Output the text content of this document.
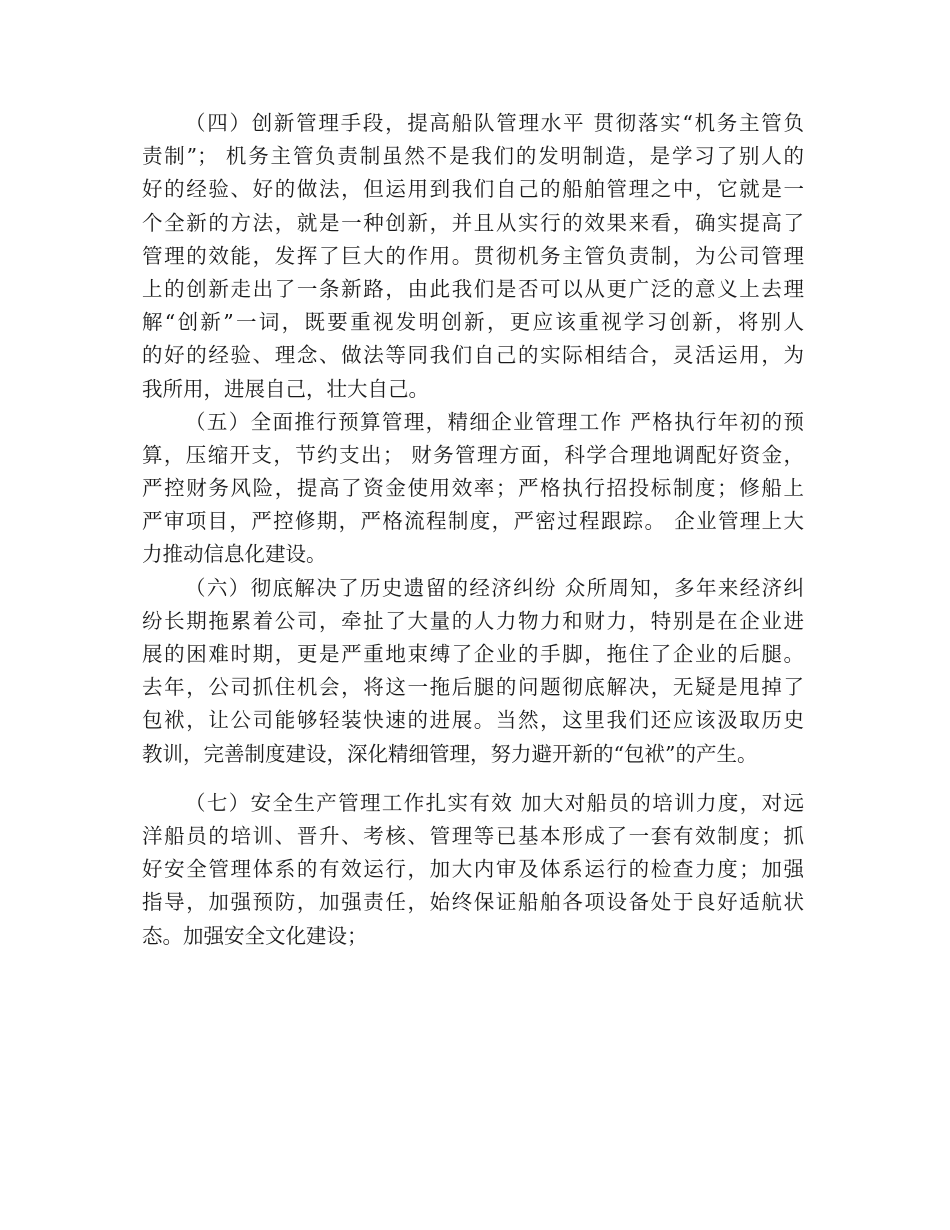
（四）创新管理手段，提高船队管理水平 贯彻落实“机务主管负
责制”； 机务主管负责制虽然不是我们的发明制造，是学习了别人的
好的经验、好的做法，但运用到我们自己的船舶管理之中，它就是一
个全新的方法，就是一种创新，并且从实行的效果来看，确实提高了
管理的效能，发挥了巨大的作用。贯彻机务主管负责制，为公司管理
上的创新走出了一条新路，由此我们是否可以从更广泛的意义上去理
解“创新”一词，既要重视发明创新，更应该重视学习创新，将别人
的好的经验、理念、做法等同我们自己的实际相结合，灵活运用，为
我所用，进展自己，壮大自己。
（五）全面推行预算管理，精细企业管理工作 严格执行年初的预
算，压缩开支，节约支出； 财务管理方面，科学合理地调配好资金，
严控财务风险，提高了资金使用效率；严格执行招投标制度；修船上
严审项目，严控修期，严格流程制度，严密过程跟踪。 企业管理上大
力推动信息化建设。
（六）彻底解决了历史遗留的经济纠纷 众所周知，多年来经济纠
纷长期拖累着公司，牵扯了大量的人力物力和财力，特别是在企业进
展的困难时期，更是严重地束缚了企业的手脚，拖住了企业的后腿。
去年，公司抓住机会，将这一拖后腿的问题彻底解决，无疑是甩掉了
包袱，让公司能够轻装快速的进展。当然，这里我们还应该汲取历史
教训，完善制度建设，深化精细管理，努力避开新的“包袱”的产生。
（七）安全生产管理工作扎实有效 加大对船员的培训力度，对远
洋船员的培训、晋升、考核、管理等已基本形成了一套有效制度；抓
好安全管理体系的有效运行，加大内审及体系运行的检查力度；加强
指导，加强预防，加强责任，始终保证船舶各项设备处于良好适航状
态。加强安全文化建设；
